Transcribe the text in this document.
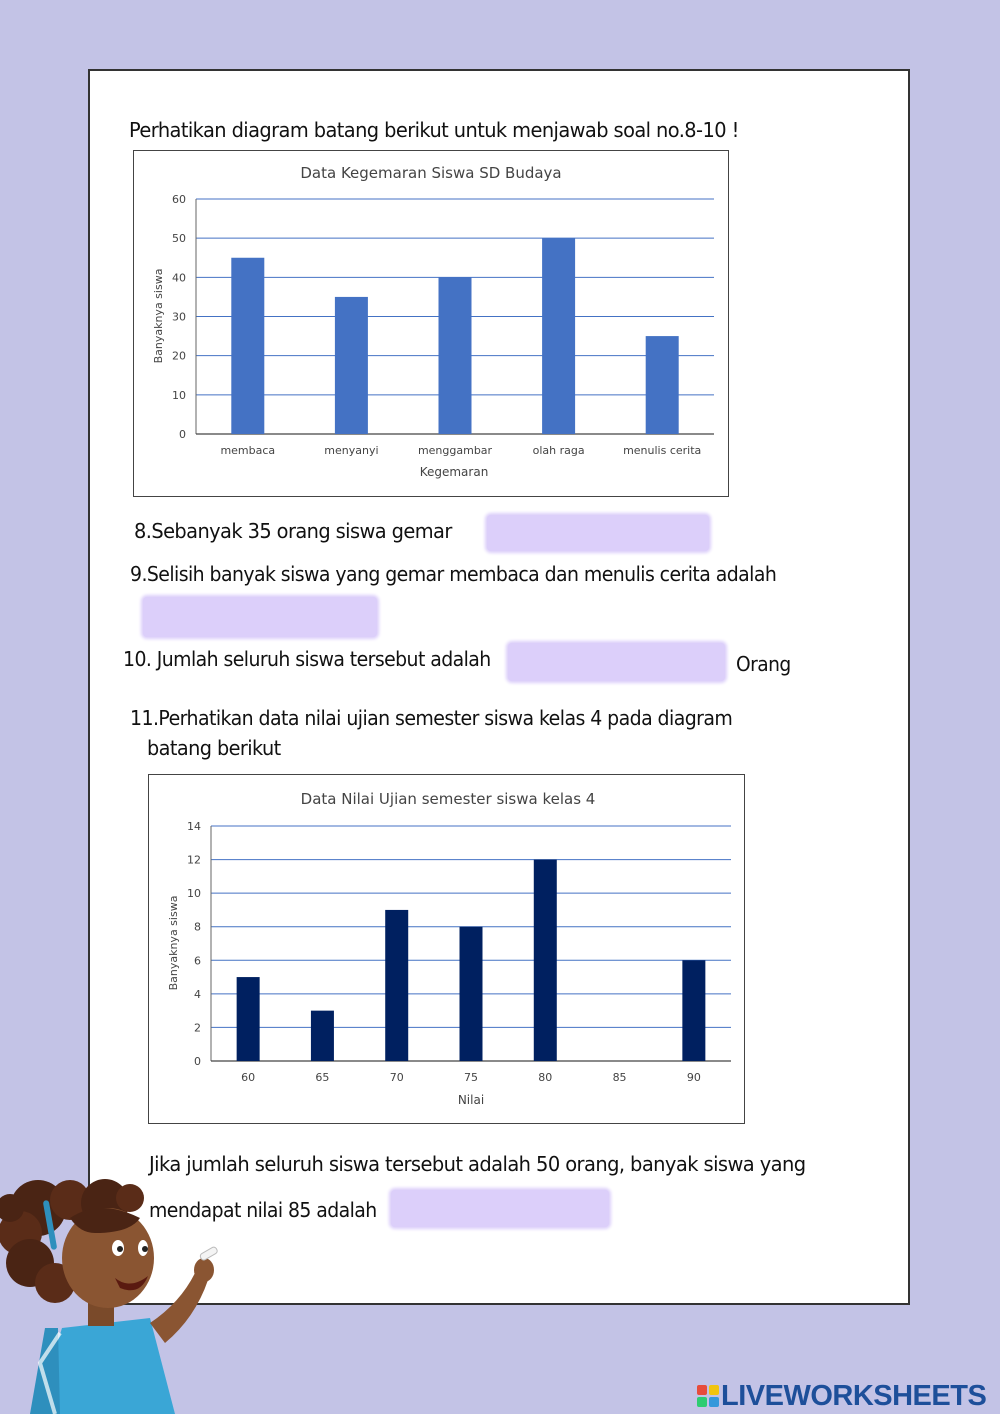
Perhatikan diagram batang berikut untuk menjawab soal no.8-10 !
Data Kegemaran Siswa SD Budaya
0
10
20
30
40
50
60
membaca	menyanyi	menggambar	olah raga	menulis cerita
Kegemaran
Banyaknya siswa
8.Sebanyak 35 orang siswa gemar
9.Selisih banyak siswa yang gemar membaca dan menulis cerita adalah
10. Jumlah seluruh siswa tersebut adalah	Orang
11.Perhatikan data nilai ujian semester siswa kelas 4 pada diagram
batang berikut
Data Nilai Ujian semester siswa kelas 4
0
2
4
6
8
10
12
14
60	65	70	75	80	85	90
Nilai
Banyaknya siswa
Jika jumlah seluruh siswa tersebut adalah 50 orang, banyak siswa yang
mendapat nilai 85 adalah
LIVEWORKSHEETS
